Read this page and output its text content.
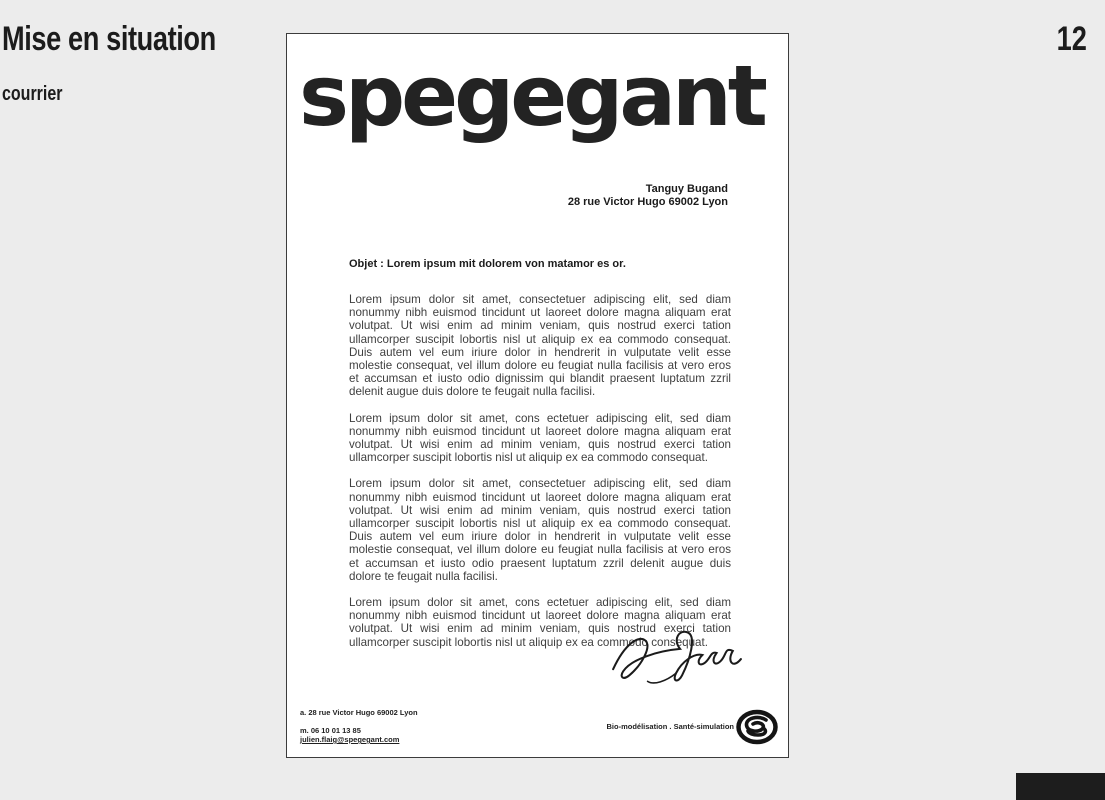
Mise en situation
courrier
12
spegegant
Tanguy Bugand
28 rue Victor Hugo 69002 Lyon
Objet : Lorem ipsum mit dolorem von matamor es or.

Lorem ipsum dolor sit amet, consectetuer adipiscing elit, sed diam nonummy nibh euismod tincidunt ut laoreet dolore magna aliquam erat volutpat. Ut wisi enim ad minim veniam, quis nostrud exerci tation ullamcorper suscipit lobortis nisl ut aliquip ex ea commodo consequat. Duis autem vel eum iriure dolor in hendrerit in vulputate velit esse molestie consequat, vel illum dolore eu feugiat nulla facilisis at vero eros et accumsan et iusto odio dignissim qui blandit praesent luptatum zzril delenit augue duis dolore te feugait nulla facilisi.

Lorem ipsum dolor sit amet, cons ectetuer adipiscing elit, sed diam nonummy nibh euismod tincidunt ut laoreet dolore magna aliquam erat volutpat. Ut wisi enim ad minim veniam, quis nostrud exerci tation ullamcorper suscipit lobortis nisl ut aliquip ex ea commodo consequat.

Lorem ipsum dolor sit amet, consectetuer adipiscing elit, sed diam nonummy nibh euismod tincidunt ut laoreet dolore magna aliquam erat volutpat. Ut wisi enim ad minim veniam, quis nostrud exerci tation ullamcorper suscipit lobortis nisl ut aliquip ex ea commodo consequat. Duis autem vel eum iriure dolor in hendrerit in vulputate velit esse molestie consequat, vel illum dolore eu feugiat nulla facilisis at vero eros et accumsan et iusto odio praesent luptatum zzril delenit augue duis dolore te feugait nulla facilisi.

Lorem ipsum dolor sit amet, cons ectetuer adipiscing elit, sed diam nonummy nibh euismod tincidunt ut laoreet dolore magna aliquam erat volutpat. Ut wisi enim ad minim veniam, quis nostrud exerci tation ullamcorper suscipit lobortis nisl ut aliquip ex ea commodo consequat.

a. 28 rue Victor Hugo 69002 Lyon
m. 06 10 01 13 85
julien.flaig@spegegant.com
Bio-modélisation . Santé-simulation
